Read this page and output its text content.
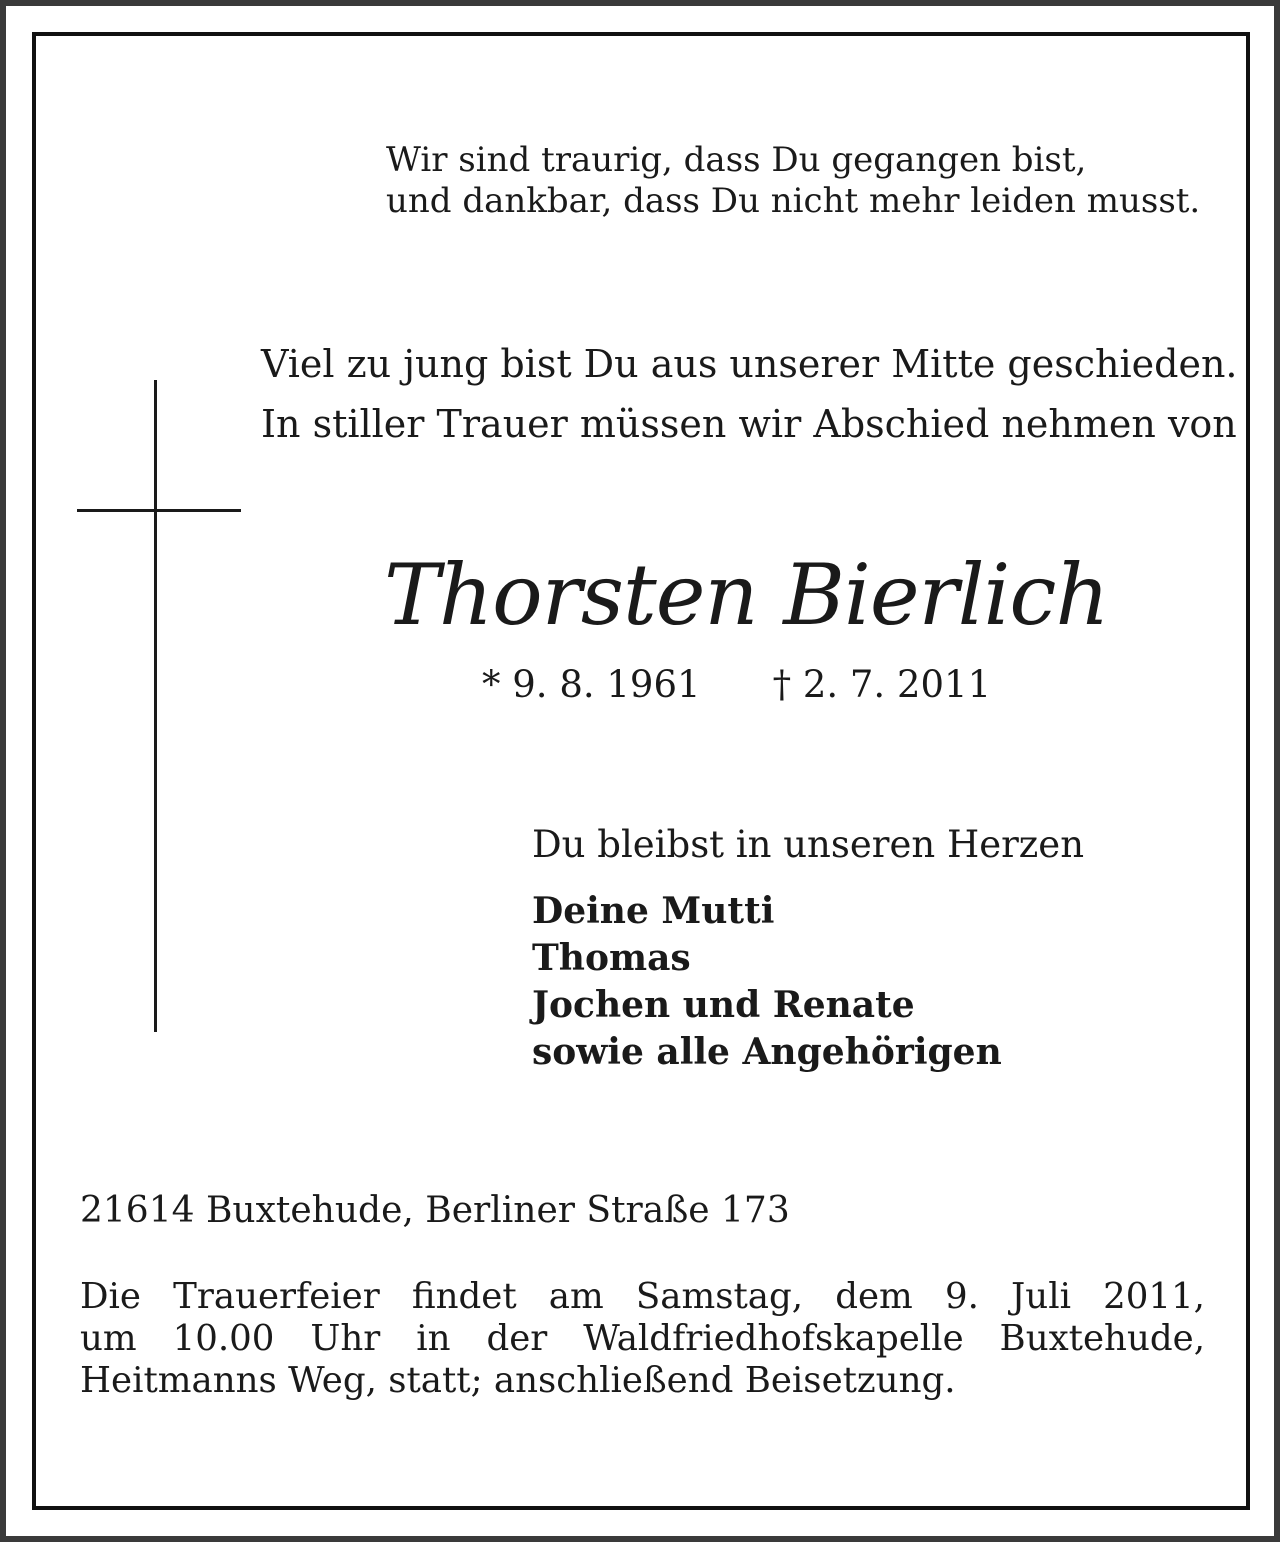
Wir sind traurig, dass Du gegangen bist,
und dankbar, dass Du nicht mehr leiden musst.
Viel zu jung bist Du aus unserer Mitte geschieden.
In stiller Trauer müssen wir Abschied nehmen von
Thorsten Bierlich
* 9. 8. 1961 † 2. 7. 2011
Du bleibst in unseren Herzen
Deine Mutti
Thomas
Jochen und Renate
sowie alle Angehörigen
21614 Buxtehude, Berliner Straße 173
Die Trauerfeier findet am Samstag, dem 9. Juli 2011,
um 10.00 Uhr in der Waldfriedhofskapelle Buxtehude,
Heitmanns Weg, statt; anschließend Beisetzung.
